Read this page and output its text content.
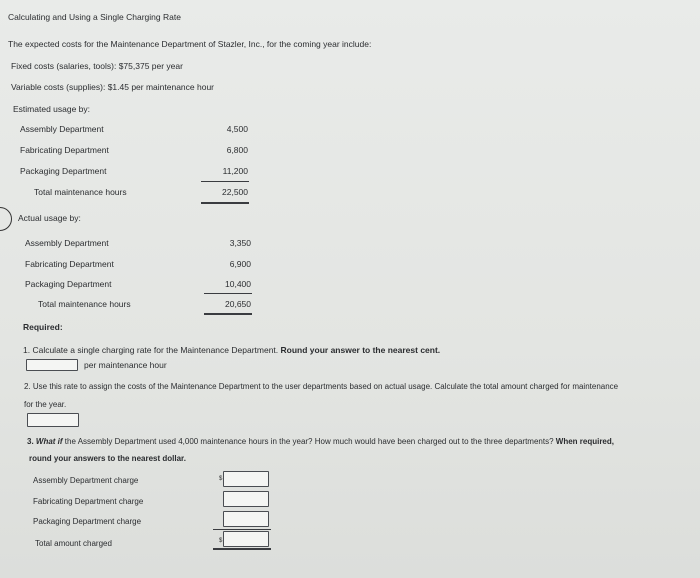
Calculating and Using a Single Charging Rate
The expected costs for the Maintenance Department of Stazler, Inc., for the coming year include:
Fixed costs (salaries, tools): $75,375 per year
Variable costs (supplies): $1.45 per maintenance hour
Estimated usage by:
Assembly Department	4,500
Fabricating Department	6,800
Packaging Department	11,200
Total maintenance hours	22,500
Actual usage by:
Assembly Department	3,350
Fabricating Department	6,900
Packaging Department	10,400
Total maintenance hours	20,650
Required:
1. Calculate a single charging rate for the Maintenance Department. Round your answer to the nearest cent.
per maintenance hour
2. Use this rate to assign the costs of the Maintenance Department to the user departments based on actual usage. Calculate the total amount charged for maintenance
for the year.
3. What if the Assembly Department used 4,000 maintenance hours in the year? How much would have been charged out to the three departments? When required,
round your answers to the nearest dollar.
Assembly Department charge	$
Fabricating Department charge
Packaging Department charge
Total amount charged	$
